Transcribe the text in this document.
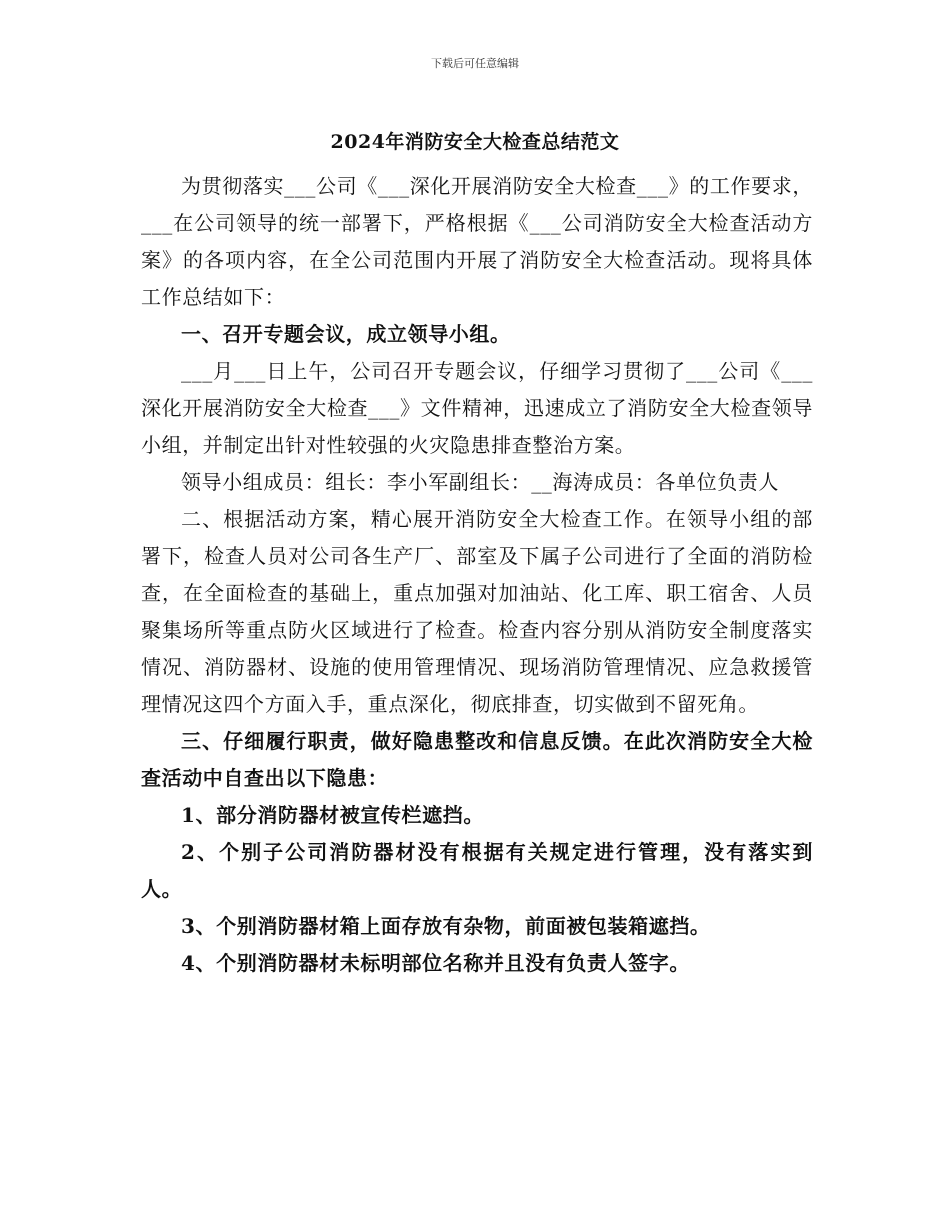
下载后可任意编辑
2024年消防安全大检查总结范文

为贯彻落实___公司《___深化开展消防安全大检查___》的工作要求，___在公司领导的统一部署下，严格根据《___公司消防安全大检查活动方案》的各项内容，在全公司范围内开展了消防安全大检查活动。现将具体工作总结如下：

一、召开专题会议，成立领导小组。

___月___日上午，公司召开专题会议，仔细学习贯彻了___公司《___深化开展消防安全大检查___》文件精神，迅速成立了消防安全大检查领导小组，并制定出针对性较强的火灾隐患排查整治方案。

领导小组成员：组长：李小军副组长：__海涛成员：各单位负责人

二、根据活动方案，精心展开消防安全大检查工作。在领导小组的部署下，检查人员对公司各生产厂、部室及下属子公司进行了全面的消防检查，在全面检查的基础上，重点加强对加油站、化工库、职工宿舍、人员聚集场所等重点防火区域进行了检查。检查内容分别从消防安全制度落实情况、消防器材、设施的使用管理情况、现场消防管理情况、应急救援管理情况这四个方面入手，重点深化，彻底排查，切实做到不留死角。

三、仔细履行职责，做好隐患整改和信息反馈。在此次消防安全大检查活动中自查出以下隐患：

1、部分消防器材被宣传栏遮挡。

2、个别子公司消防器材没有根据有关规定进行管理，没有落实到人。

3、个别消防器材箱上面存放有杂物，前面被包装箱遮挡。

4、个别消防器材未标明部位名称并且没有负责人签字。
